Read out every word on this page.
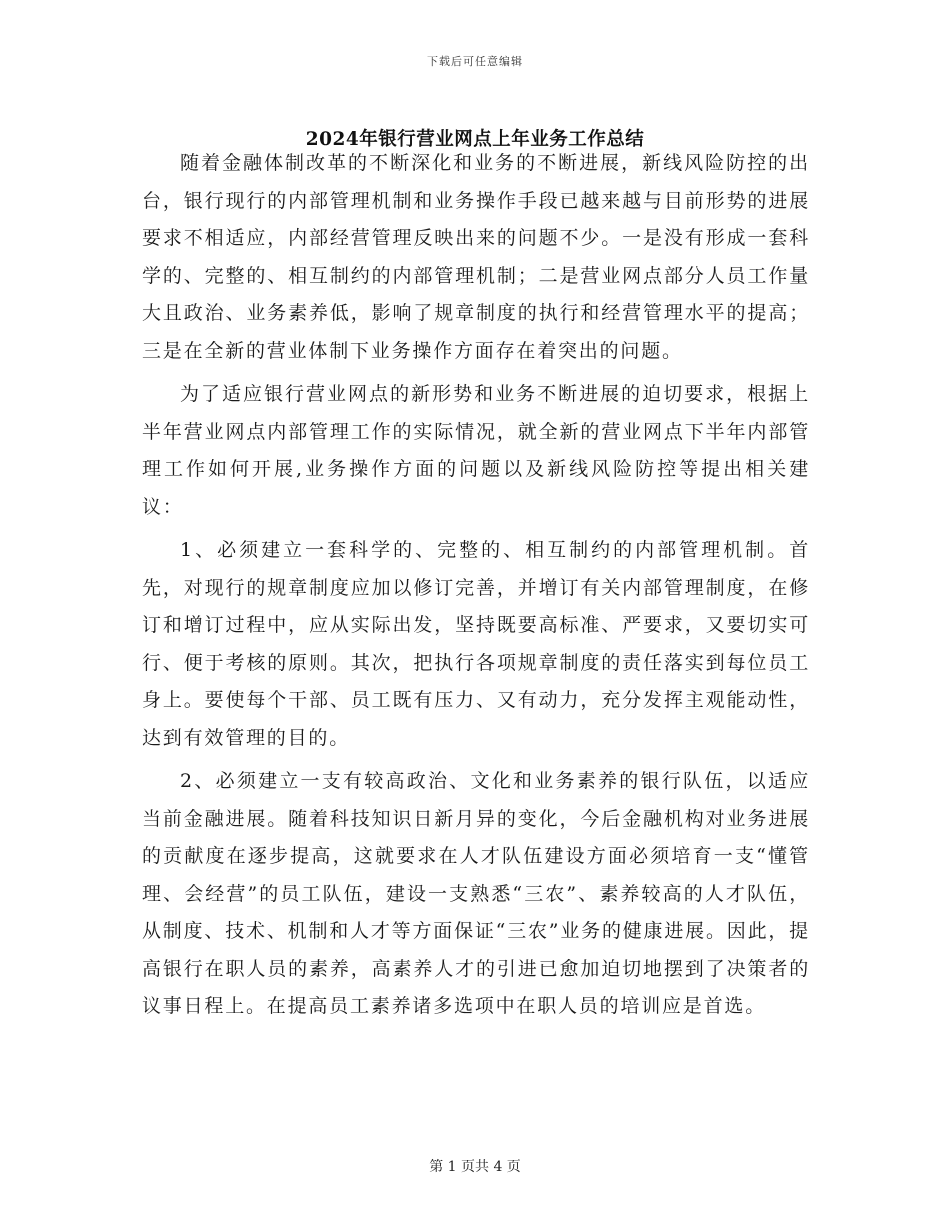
下载后可任意编辑
2024年银行营业网点上年业务工作总结

随着金融体制改革的不断深化和业务的不断进展，新线风险防控的出台，银行现行的内部管理机制和业务操作手段已越来越与目前形势的进展要求不相适应，内部经营管理反映出来的问题不少。一是没有形成一套科学的、完整的、相互制约的内部管理机制；二是营业网点部分人员工作量大且政治、业务素养低，影响了规章制度的执行和经营管理水平的提高；三是在全新的营业体制下业务操作方面存在着突出的问题。

为了适应银行营业网点的新形势和业务不断进展的迫切要求，根据上半年营业网点内部管理工作的实际情况，就全新的营业网点下半年内部管理工作如何开展,业务操作方面的问题以及新线风险防控等提出相关建议：

1、必须建立一套科学的、完整的、相互制约的内部管理机制。首先，对现行的规章制度应加以修订完善，并增订有关内部管理制度，在修订和增订过程中，应从实际出发，坚持既要高标准、严要求，又要切实可行、便于考核的原则。其次，把执行各项规章制度的责任落实到每位员工身上。要使每个干部、员工既有压力、又有动力，充分发挥主观能动性，达到有效管理的目的。

2、必须建立一支有较高政治、文化和业务素养的银行队伍，以适应当前金融进展。随着科技知识日新月异的变化，今后金融机构对业务进展的贡献度在逐步提高，这就要求在人才队伍建设方面必须培育一支“懂管理、会经营”的员工队伍，建设一支熟悉“三农”、素养较高的人才队伍，从制度、技术、机制和人才等方面保证“三农”业务的健康进展。因此，提高银行在职人员的素养，高素养人才的引进已愈加迫切地摆到了决策者的议事日程上。在提高员工素养诸多选项中在职人员的培训应是首选。

第 1 页共 4 页
